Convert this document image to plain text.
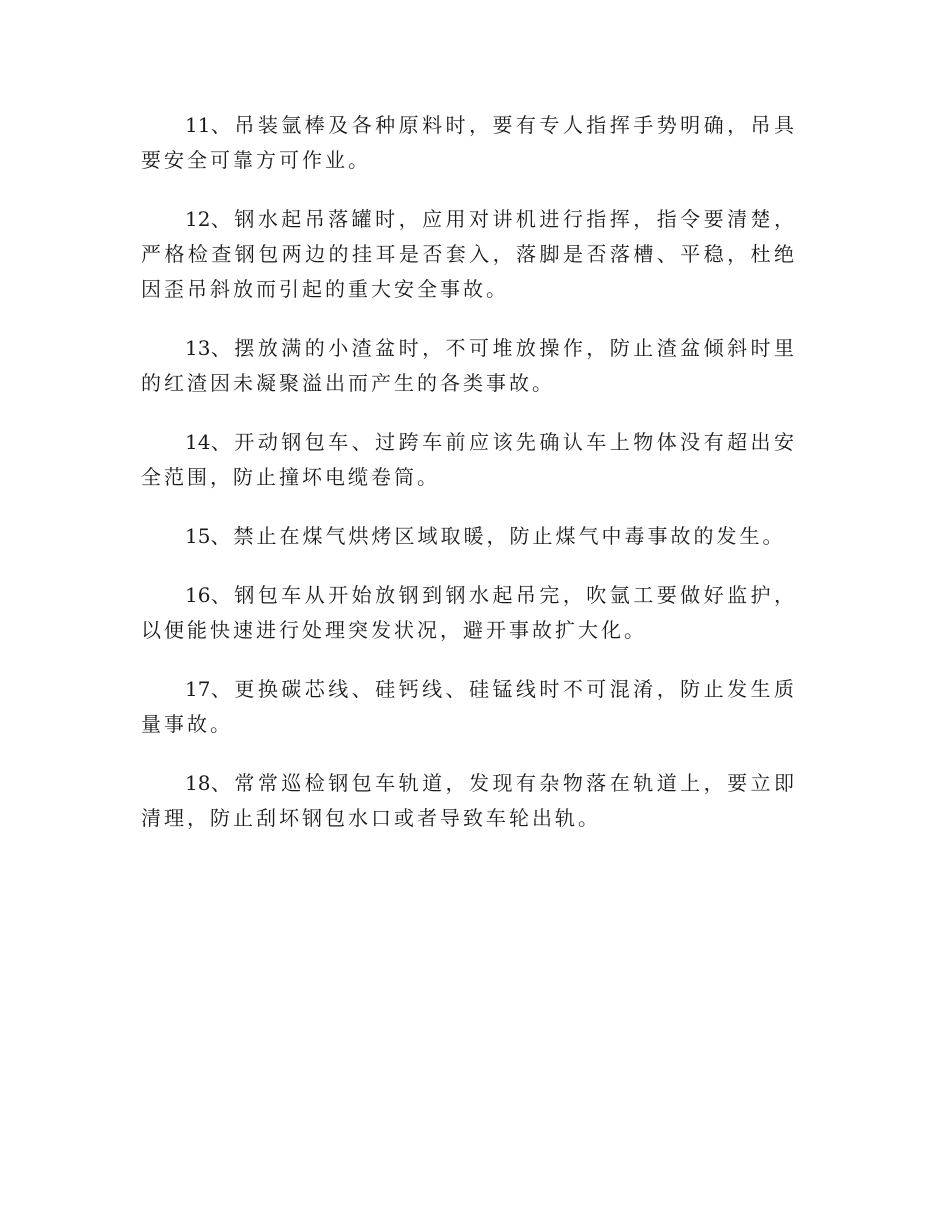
11、吊装氩棒及各种原料时，要有专人指挥手势明确，吊具要安全可靠方可作业。

12、钢水起吊落罐时，应用对讲机进行指挥，指令要清楚，严格检查钢包两边的挂耳是否套入，落脚是否落槽、平稳，杜绝因歪吊斜放而引起的重大安全事故。

13、摆放满的小渣盆时，不可堆放操作，防止渣盆倾斜时里的红渣因未凝聚溢出而产生的各类事故。

14、开动钢包车、过跨车前应该先确认车上物体没有超出安全范围，防止撞坏电缆卷筒。

15、禁止在煤气烘烤区域取暖，防止煤气中毒事故的发生。

16、钢包车从开始放钢到钢水起吊完，吹氩工要做好监护，以便能快速进行处理突发状况，避开事故扩大化。

17、更换碳芯线、硅钙线、硅锰线时不可混淆，防止发生质量事故。

18、常常巡检钢包车轨道，发现有杂物落在轨道上，要立即清理，防止刮坏钢包水口或者导致车轮出轨。
